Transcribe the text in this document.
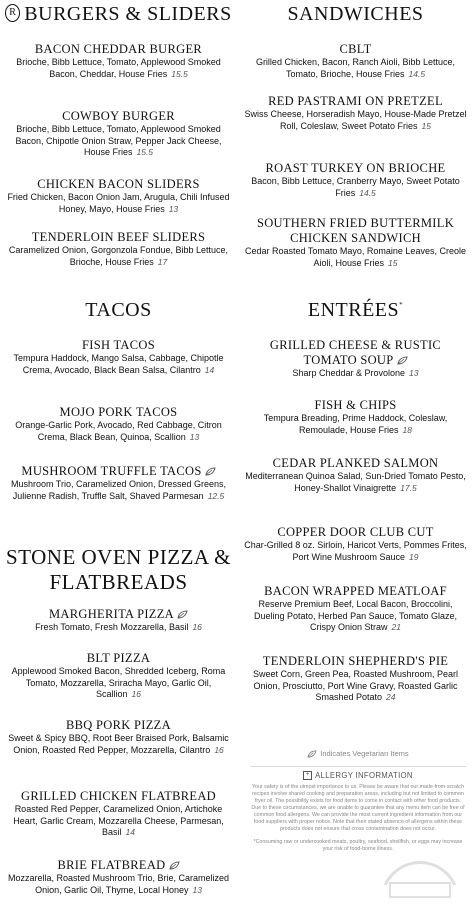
R BURGERS & SLIDERS
BACON CHEDDAR BURGER
Brioche, Bibb Lettuce, Tomato, Applewood Smoked Bacon, Cheddar, House Fries 15.5
COWBOY BURGER
Brioche, Bibb Lettuce, Tomato, Applewood Smoked Bacon, Chipotle Onion Straw, Pepper Jack Cheese, House Fries 15.5
CHICKEN BACON SLIDERS
Fried Chicken, Bacon Onion Jam, Arugula, Chili Infused Honey, Mayo, House Fries 13
TENDERLOIN BEEF SLIDERS
Caramelized Onion, Gorgonzola Fondue, Bibb Lettuce, Brioche, House Fries 17
TACOS
FISH TACOS
Tempura Haddock, Mango Salsa, Cabbage, Chipotle Crema, Avocado, Black Bean Salsa, Cilantro 14
MOJO PORK TACOS
Orange-Garlic Pork, Avocado, Red Cabbage, Citron Crema, Black Bean, Quinoa, Scallion 13
MUSHROOM TRUFFLE TACOS
Mushroom Trio, Caramelized Onion, Dressed Greens, Julienne Radish, Truffle Salt, Shaved Parmesan 12.5
STONE OVEN PIZZA & FLATBREADS
MARGHERITA PIZZA
Fresh Tomato, Fresh Mozzarella, Basil 16
BLT PIZZA
Applewood Smoked Bacon, Shredded Iceberg, Roma Tomato, Mozzarella, Sriracha Mayo, Garlic Oil, Scallion 16
BBQ PORK PIZZA
Sweet & Spicy BBQ, Root Beer Braised Pork, Balsamic Onion, Roasted Red Pepper, Mozzarella, Cilantro 16
GRILLED CHICKEN FLATBREAD
Roasted Red Pepper, Caramelized Onion, Artichoke Heart, Garlic Cream, Mozzarella Cheese, Parmesan, Basil 14
BRIE FLATBREAD
Mozzarella, Roasted Mushroom Trio, Brie, Caramelized Onion, Garlic Oil, Thyme, Local Honey 13
SANDWICHES
CBLT
Grilled Chicken, Bacon, Ranch Aioli, Bibb Lettuce, Tomato, Brioche, House Fries 14.5
RED PASTRAMI ON PRETZEL
Swiss Cheese, Horseradish Mayo, House-Made Pretzel Roll, Coleslaw, Sweet Potato Fries 15
ROAST TURKEY ON BRIOCHE
Bacon, Bibb Lettuce, Cranberry Mayo, Sweet Potato Fries 14.5
SOUTHERN FRIED BUTTERMILK CHICKEN SANDWICH
Cedar Roasted Tomato Mayo, Romaine Leaves, Creole Aioli, House Fries 15
ENTRÉES*
GRILLED CHEESE & RUSTIC TOMATO SOUP
Sharp Cheddar & Provolone 13
FISH & CHIPS
Tempura Breading, Prime Haddock, Coleslaw, Remoulade, House Fries 18
CEDAR PLANKED SALMON
Mediterranean Quinoa Salad, Sun-Dried Tomato Pesto, Honey-Shallot Vinaigrette 17.5
COPPER DOOR CLUB CUT
Char-Grilled 8 oz. Sirloin, Haricot Verts, Pommes Frites, Port Wine Mushroom Sauce 19
BACON WRAPPED MEATLOAF
Reserve Premium Beef, Local Bacon, Broccolini, Dueling Potato, Herbed Pan Sauce, Tomato Glaze, Crispy Onion Straw 21
TENDERLOIN SHEPHERD'S PIE
Sweet Corn, Green Pea, Roasted Mushroom, Pearl Onion, Prosciutto, Port Wine Gravy, Roasted Garlic Smashed Potato 24
Indicates Vegetarian Items
+ ALLERGY INFORMATION
Your safety is of the utmost importance to us. Please be aware that our made-from-scratch recipes involve shared cooking and preparation areas, including but not limited to common fryer oil. The possibility exists for food items to come in contact with other food products. Due to these circumstances, we are unable to guarantee that any menu item can be free of common food allergens. We can provide the most current ingredient information from our food suppliers with proper notice. Note that their stated absence of allergens within these products does not ensure that cross contamination does not occur.
*Consuming raw or undercooked meats, poultry, seafood, shellfish, or eggs may increase your risk of food-borne illness.
